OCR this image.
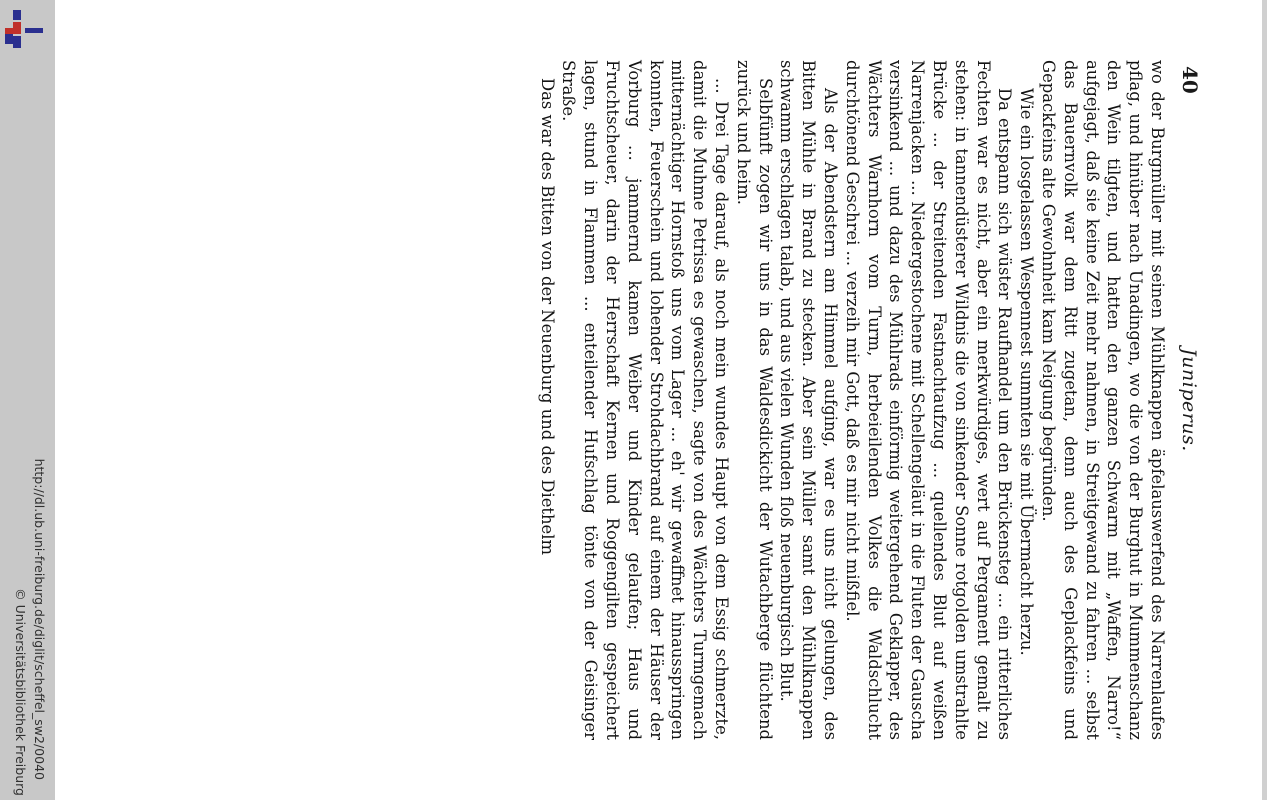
http://dl.ub.uni-freiburg.de/diglit/scheffel_sw2/0040
© Universitätsbibliothek Freiburg
40
Juniperus.

wo der Burgmüller mit seinen Mühlknappen äpfelauswerfend des Narrenlaufes pflag, und hinüber nach Unadingen, wo die von der Burghut in Mummenschanz den Wein tilgten, und hatten den ganzen Schwarm mit „Waffen, Narro!“ aufgejagt, daß sie keine Zeit mehr nahmen, in Streitgewand zu fahren ... selbst das Bauernvolk war dem Ritt zugetan, denn auch des Geplackfeins und Gepackfeins alte Gewohnheit kam Neigung begründen.

Wie ein losgelassen Wespennest summten sie mit Übermacht herzu.

Da entspann sich wüster Raufhandel um den Brückensteg ... ein ritterliches Fechten war es nicht, aber ein merkwürdiges, wert auf Pergament gemalt zu stehen: in tannendüsterer Wildnis die von sinkender Sonne rotgolden umstrahlte Brücke ... der Streitenden Fastnachtaufzug ... quellendes Blut auf weißen Narrenjacken ... Niedergestochene mit Schellengeläut in die Fluten der Gauscha versinkend ... und dazu des Mühlrads einförmig weitergehend Geklapper, des Wächters Warnhorn vom Turm, herbeieilenden Volkes die Waldschlucht durchtönend Geschrei ... verzeih mir Gott, daß es mir nicht mißfiel.

Als der Abendstern am Himmel aufging, war es uns nicht gelungen, des Bitten Mühle in Brand zu stecken. Aber sein Müller samt den Mühlknappen schwamm erschlagen talab, und aus vielen Wunden floß neuenburgisch Blut.

Selbfünft zogen wir uns in das Waldesdickicht der Wutachberge flüchtend zurück und heim.

... Drei Tage darauf, als noch mein wundes Haupt von dem Essig schmerzte, damit die Muhme Petrissa es gewaschen, sagte von des Wächters Turmgemach mitternächtiger Hornstoß uns vom Lager ... eh' wir gewaffnet hinausspringen konnten, Feuerschein und lohender Strohdachbrand auf einem der Häuser der Vorburg ... jammernd kamen Weiber und Kinder gelaufen; Haus und Fruchtscheuer, darin der Herrschaft Kernen und Roggengilten gespeichert lagen, stund in Flammen ... enteilender Hufschlag tönte von der Geisinger Straße.

Das war des Bitten von der Neuenburg und des Diethelm
